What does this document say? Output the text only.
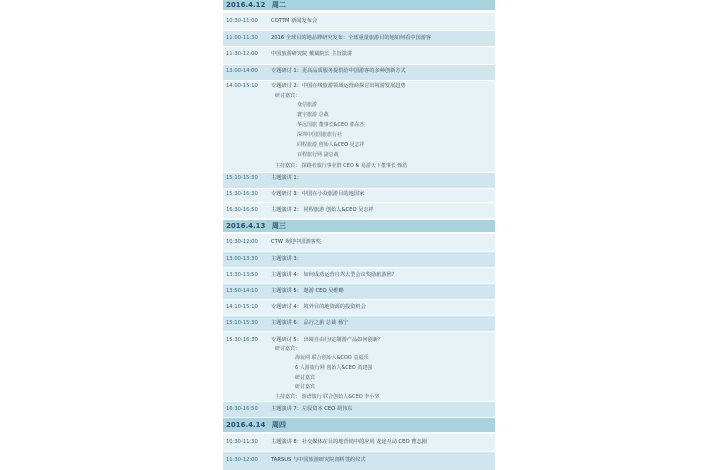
2016.4.12 周二
10:30-11:00	COTTM 新闻发布会
11:00-11:30	2016 全球目的地品牌研究发布：全球重量旅游目的地如何看中国游客
11:30-12:00	中国旅游研究院 戴斌院长 主旨演讲
13:00-14:00	专题研讨 1：更高品质服务提供给中国游客的多种创新方式
14:00-15:10	专题研讨 2：中国在线旅游领域运营商探讨出境游发展趋势
研讨嘉宾：
众信旅游
寰宇旅游 总裁
华远国旅 董事长&CEO 郭东杰
深圳中国国旅旅行社
同程旅游 创始人&CEO 吴志祥
百程旅行网 副总裁
主持嘉宾： 探路者旅行事业群 CEO & 易游天下董事长 甄浩
15:10-15:30	主题演讲 1：
15:30-16:30	专题研讨 3：中国在小众旅游目的地国家
16:30-16:50	主题演讲 2： 同程旅游 创始人&CEO 吴志祥
2016.4.13 周三
10:30-12:00	CTW 欢迎中国游客奖
13:00-13:30	主题演讲 3：
13:30-13:50	主题演讲 4： 如何成功运营自驾大型会议奖励旅游团？
13:50-14:10	主题演讲 5： 遨游 CEO 吴维略
14:10-15:10	专题研讨 4： 境外目的地资源的投资机会
15:10-15:30	主题演讲 6： 品行之旅 总裁 杨宁
15:30-16:30	专题研讨 5： 出境自由行/定制游产品如何创新？
研讨嘉宾：
海玩网 联合创始人&COO 袁福乐
6 人游旅行网 创始人&CEO 贾建强
研讨嘉宾
研讨嘉宾
主持嘉宾： 游谱旅行 联合创始人&CEO 李小坚
16:30-16:50	主题演讲 7：左驭资本 CEO 胡伟东
2016.4.14 周四
10:30-11:30	主题演讲 8：社交媒体在目的地营销中的应用 龙途互动 CEO 曹志刚
11:30-12:00	TARSUS 与中国旅游研究院剖析签约仪式
